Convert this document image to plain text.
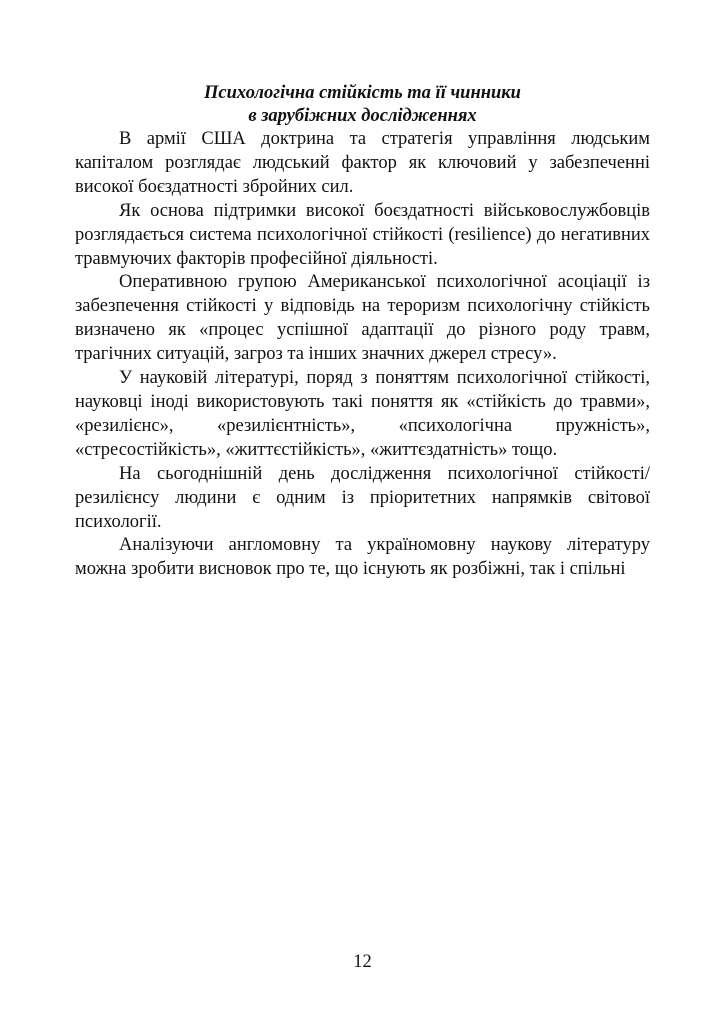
Психологічна стійкість та її чинники

в зарубіжних дослідженнях

В армії США доктрина та стратегія управління людським капіталом розглядає людський фактор як ключовий у забезпеченні високої боєздатності збройних сил.

Як основа підтримки високої боєздатності військовослужбовців розглядається система психологічної стійкості (resilience) до негативних травмуючих факторів професійної діяльності.

Оперативною групою Американської психологічної асоціації із забезпечення стійкості у відповідь на тероризм психологічну стійкість визначено як «процес успішної адаптації до різного роду травм, трагічних ситуацій, загроз та інших значних джерел стресу».

У науковій літературі, поряд з поняттям психологічної стійкості, науковці іноді використовують такі поняття як «стійкість до травми», «резилієнс», «резилієнтність», «психологічна пружність», «стресостійкість», «життєстійкість», «життєздатність» тощо.

На сьогоднішній день дослідження психологічної стійкості/резилієнсу людини є одним із пріоритетних напрямків світової психології.

Аналізуючи англомовну та україномовну наукову літературу можна зробити висновок про те, що існують як розбіжні, так і спільні

12
